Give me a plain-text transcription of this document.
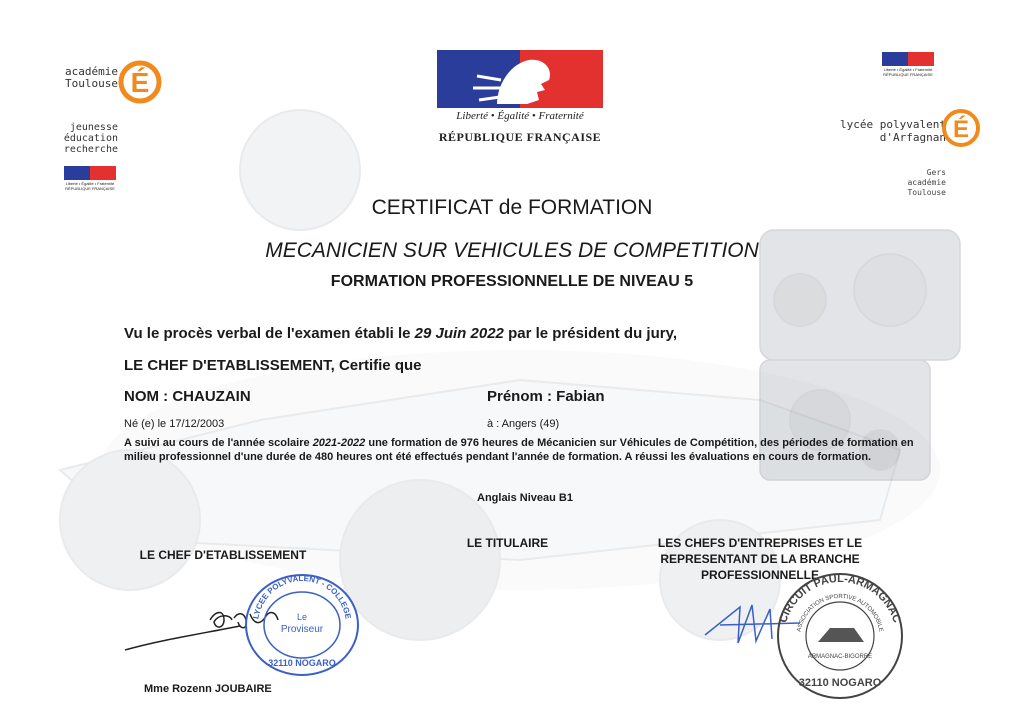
académie
Toulouse É
jeunesse
éducation
recherche
Liberté • Égalité • Fraternité RÉPUBLIQUE FRANÇAISE
Liberté • Égalité • Fraternité
RÉPUBLIQUE FRANÇAISE
Liberté • Égalité • Fraternité RÉPUBLIQUE FRANÇAISE
lycée polyvalent
d'Arfagnan É
Gers
académie
Toulouse
CERTIFICAT de FORMATION
MECANICIEN SUR VEHICULES DE COMPETITION
FORMATION PROFESSIONNELLE DE NIVEAU 5
Vu le procès verbal de l'examen établi le 29 Juin 2022 par le président du jury,
LE CHEF D'ETABLISSEMENT, Certifie que
NOM : CHAUZAIN	Prénom : Fabian
Né (e) le 17/12/2003	à : Angers (49)
A suivi au cours de l'année scolaire 2021-2022 une formation de 976 heures de Mécanicien sur Véhicules de Compétition, des périodes de formation en milieu professionnel d'une durée de 480 heures ont été effectués pendant l'année de formation. A réussi les évaluations en cours de formation.
Anglais Niveau B1
LE CHEF D'ETABLISSEMENT
LE TITULAIRE	LES CHEFS D'ENTREPRISES ET LE
REPRESENTANT DE LA BRANCHE
PROFESSIONNELLE
LYCEE POLYVALENT - COLLEGE
Le
Proviseur
32110 NOGARO
CIRCUIT PAUL-ARMAGNAC
ASSOCIATION SPORTIVE AUTOMOBILE
ARMAGNAC-BIGORRE
32110 NOGARO
Mme Rozenn JOUBAIRE
